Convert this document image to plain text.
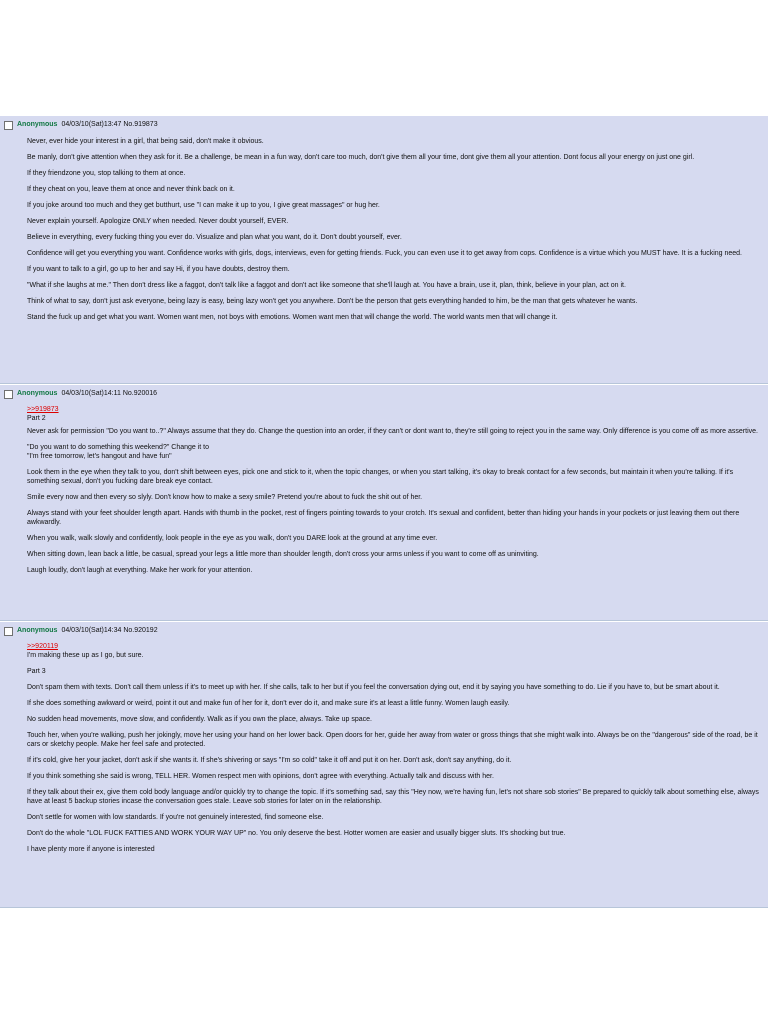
Anonymous 04/03/10(Sat)13:47 No.919873

Never, ever hide your interest in a girl, that being said, don't make it obvious.

Be manly, don't give attention when they ask for it. Be a challenge, be mean in a fun way, don't care too much, don't give them all your time, dont give them all your attention. Dont focus all your energy on just one girl.

If they friendzone you, stop talking to them at once.

If they cheat on you, leave them at once and never think back on it.

If you joke around too much and they get butthurt, use "I can make it up to you, I give great massages" or hug her.

Never explain yourself. Apologize ONLY when needed. Never doubt yourself, EVER.

Believe in everything, every fucking thing you ever do. Visualize and plan what you want, do it. Don't doubt yourself, ever.

Confidence will get you everything you want. Confidence works with girls, dogs, interviews, even for getting friends. Fuck, you can even use it to get away from cops. Confidence is a virtue which you MUST have. It is a fucking need.

If you want to talk to a girl, go up to her and say Hi, if you have doubts, destroy them.

"What if she laughs at me." Then don't dress like a faggot, don't talk like a faggot and don't act like someone that she'll laugh at. You have a brain, use it, plan, think, believe in your plan, act on it.

Think of what to say, don't just ask everyone, being lazy is easy, being lazy won't get you anywhere. Don't be the person that gets everything handed to him, be the man that gets whatever he wants.

Stand the fuck up and get what you want. Women want men, not boys with emotions. Women want men that will change the world. The world wants men that will change it.

Anonymous 04/03/10(Sat)14:11 No.920016
>>919873

Part 2

Never ask for permission "Do you want to..?" Always assume that they do. Change the question into an order, if they can't or dont want to, they're still going to reject you in the same way. Only difference is you come off as more assertive.

"Do you want to do something this weekend?" Change it to
"I'm free tomorrow, let's hangout and have fun"

Look them in the eye when they talk to you, don't shift between eyes, pick one and stick to it, when the topic changes, or when you start talking, it's okay to break contact for a few seconds, but maintain it when you're talking. If it's something sexual, don't you fucking dare break eye contact.

Smile every now and then every so slyly. Don't know how to make a sexy smile? Pretend you're about to fuck the shit out of her.

Always stand with your feet shoulder length apart. Hands with thumb in the pocket, rest of fingers pointing towards to your crotch. It's sexual and confident, better than hiding your hands in your pockets or just leaving them out there awkwardly.

When you walk, walk slowly and confidently, look people in the eye as you walk, don't you DARE look at the ground at any time ever.

When sitting down, lean back a little, be casual, spread your legs a little more than shoulder length, don't cross your arms unless if you want to come off as uninviting.

Laugh loudly, don't laugh at everything. Make her work for your attention.

Anonymous 04/03/10(Sat)14:34 No.920192
>>920119

I'm making these up as I go, but sure.

Part 3

Don't spam them with texts. Don't call them unless if it's to meet up with her. If she calls, talk to her but if you feel the conversation dying out, end it by saying you have something to do. Lie if you have to, but be smart about it.

If she does something awkward or weird, point it out and make fun of her for it, don't ever do it, and make sure it's at least a little funny. Women laugh easily.

No sudden head movements, move slow, and confidently. Walk as if you own the place, always. Take up space.

Touch her, when you're walking, push her jokingly, move her using your hand on her lower back. Open doors for her, guide her away from water or gross things that she might walk into. Always be on the "dangerous" side of the road, be it cars or sketchy people. Make her feel safe and protected.

If it's cold, give her your jacket, don't ask if she wants it. If she's shivering or says "I'm so cold" take it off and put it on her. Don't ask, don't say anything, do it.

If you think something she said is wrong, TELL HER. Women respect men with opinions, don't agree with everything. Actually talk and discuss with her.

If they talk about their ex, give them cold body language and/or quickly try to change the topic. If it's something sad, say this "Hey now, we're having fun, let's not share sob stories" Be prepared to quickly talk about something else, always have at least 5 backup stories incase the conversation goes stale. Leave sob stories for later on in the relationship.

Don't settle for women with low standards. If you're not genuinely interested, find someone else.

Don't do the whole "LOL FUCK FATTIES AND WORK YOUR WAY UP" no. You only deserve the best. Hotter women are easier and usually bigger sluts. It's shocking but true.

I have plenty more if anyone is interested
